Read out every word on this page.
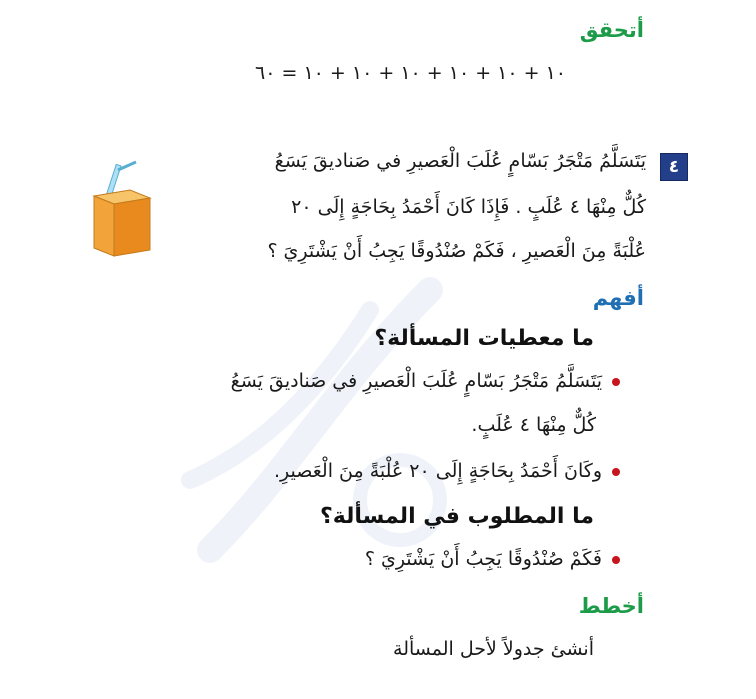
أتحقق
١٠ + ١٠ + ١٠ + ١٠ + ١٠ + ١٠ = ٦٠
٤
يَتَسَلَّمُ مَتْجَرُ بَسّامٍ عُلَبَ الْعَصيرِ في صَناديقَ يَسَعُ
كُلٌّ مِنْهَا ٤ عُلَبٍ . فَإِذَا كَانَ أَحْمَدُ بِحَاجَةٍ إِلَى ٢٠
عُلْبَةً مِنَ الْعَصيرِ ، فَكَمْ صُنْدُوقًا يَجِبُ أَنْ يَشْتَرِيَ ؟
أفهم
ما معطيات المسألة؟
يَتَسَلَّمُ مَتْجَرُ بَسّامٍ عُلَبَ الْعَصيرِ في صَناديقَ يَسَعُ
كُلٌّ مِنْهَا ٤ عُلَبٍ.
وكَانَ أَحْمَدُ بِحَاجَةٍ إِلَى ٢٠ عُلْبَةً مِنَ الْعَصيرِ.
ما المطلوب في المسألة؟
فَكَمْ صُنْدُوقًا يَجِبُ أَنْ يَشْتَرِيَ ؟
أخطط
أنشئ جدولاً لأحل المسألة
